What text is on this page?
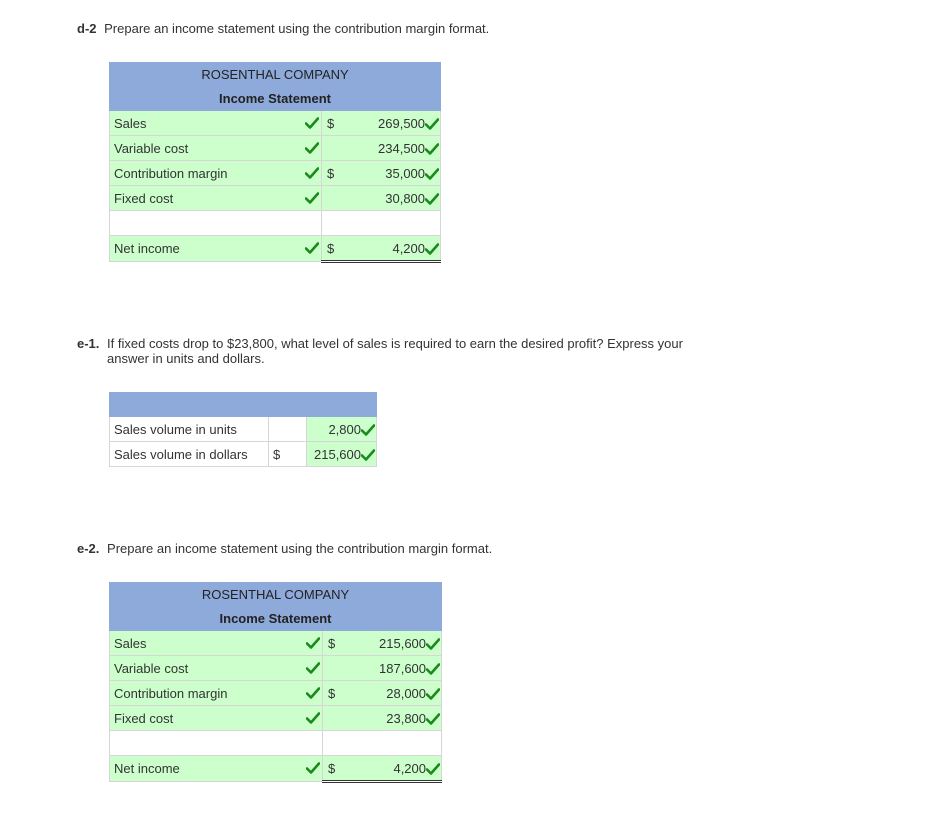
d-2 Prepare an income statement using the contribution margin format.
ROSENTHAL COMPANY	
Income Statement	
Sales	$ 269,500

Variable cost	234,500

Contribution margin	$ 35,000

Fixed cost	30,800

Net income	$ 4,200
e-1. If fixed costs drop to $23,800, what level of sales is required to earn the desired profit? Express your
answer in units and dollars.

Sales volume in units	2,800

Sales volume in dollars	$ 215,600
e-2. Prepare an income statement using the contribution margin format.
ROSENTHAL COMPANY	
Income Statement	
Sales	$ 215,600

Variable cost	187,600

Contribution margin	$ 28,000

Fixed cost	23,800

Net income	$ 4,200
